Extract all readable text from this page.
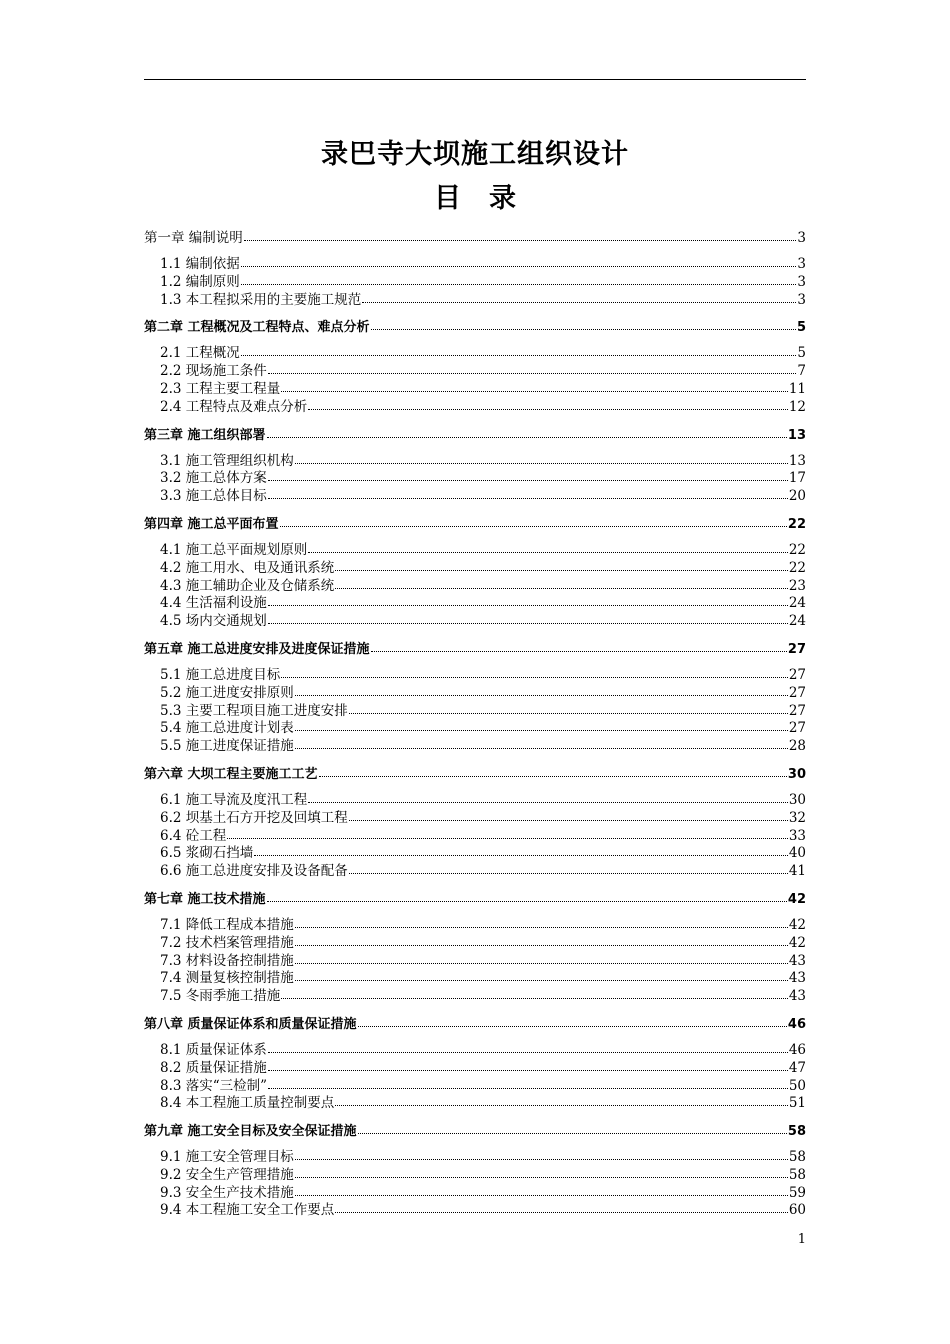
录巴寺大坝施工组织设计
目录
第一章 编制说明	3
1.1 编制依据	3
1.2 编制原则	3
1.3 本工程拟采用的主要施工规范	3
第二章 工程概况及工程特点、难点分析	5
2.1 工程概况	5
2.2 现场施工条件	7
2.3 工程主要工程量	11
2.4 工程特点及难点分析	12
第三章 施工组织部署	13
3.1 施工管理组织机构	13
3.2 施工总体方案	17
3.3 施工总体目标	20
第四章 施工总平面布置	22
4.1 施工总平面规划原则	22
4.2 施工用水、电及通讯系统	22
4.3 施工辅助企业及仓储系统	23
4.4 生活福利设施	24
4.5 场内交通规划	24
第五章 施工总进度安排及进度保证措施	27
5.1 施工总进度目标	27
5.2 施工进度安排原则	27
5.3 主要工程项目施工进度安排	27
5.4 施工总进度计划表	27
5.5 施工进度保证措施	28
第六章 大坝工程主要施工工艺	30
6.1 施工导流及度汛工程	30
6.2 坝基土石方开挖及回填工程	32
6.4 砼工程	33
6.5 浆砌石挡墙	40
6.6 施工总进度安排及设备配备	41
第七章 施工技术措施	42
7.1 降低工程成本措施	42
7.2 技术档案管理措施	42
7.3 材料设备控制措施	43
7.4 测量复核控制措施	43
7.5 冬雨季施工措施	43
第八章 质量保证体系和质量保证措施	46
8.1 质量保证体系	46
8.2 质量保证措施	47
8.3 落实“三检制”	50
8.4 本工程施工质量控制要点	51
第九章 施工安全目标及安全保证措施	58
9.1 施工安全管理目标	58
9.2 安全生产管理措施	58
9.3 安全生产技术措施	59
9.4 本工程施工安全工作要点	60
1
